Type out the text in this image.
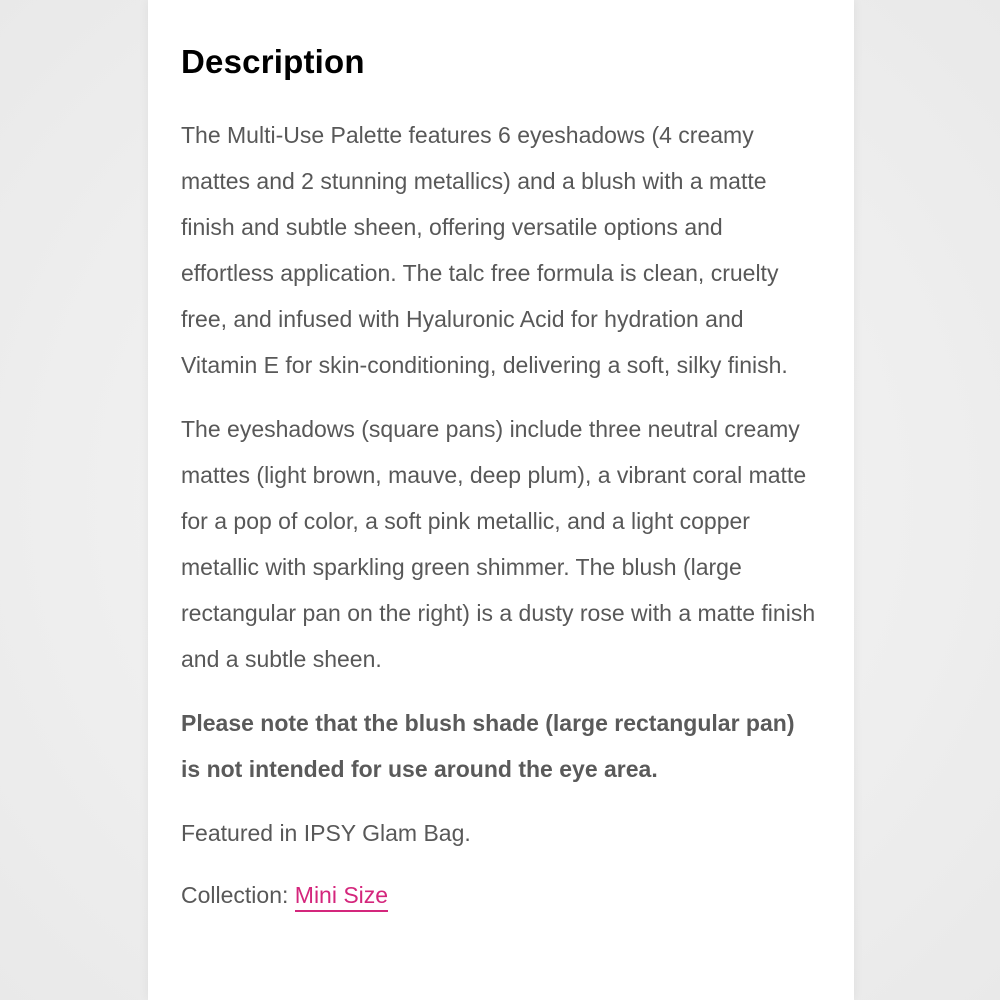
Description

The Multi-Use Palette features 6 eyeshadows (4 creamy mattes and 2 stunning metallics) and a blush with a matte finish and subtle sheen, offering versatile options and effortless application. The talc free formula is clean, cruelty free, and infused with Hyaluronic Acid for hydration and Vitamin E for skin-conditioning, delivering a soft, silky finish.

The eyeshadows (square pans) include three neutral creamy mattes (light brown, mauve, deep plum), a vibrant coral matte for a pop of color, a soft pink metallic, and a light copper metallic with sparkling green shimmer. The blush (large rectangular pan on the right) is a dusty rose with a matte finish and a subtle sheen.

Please note that the blush shade (large rectangular pan) is not intended for use around the eye area.

Featured in IPSY Glam Bag.

Collection: Mini Size
